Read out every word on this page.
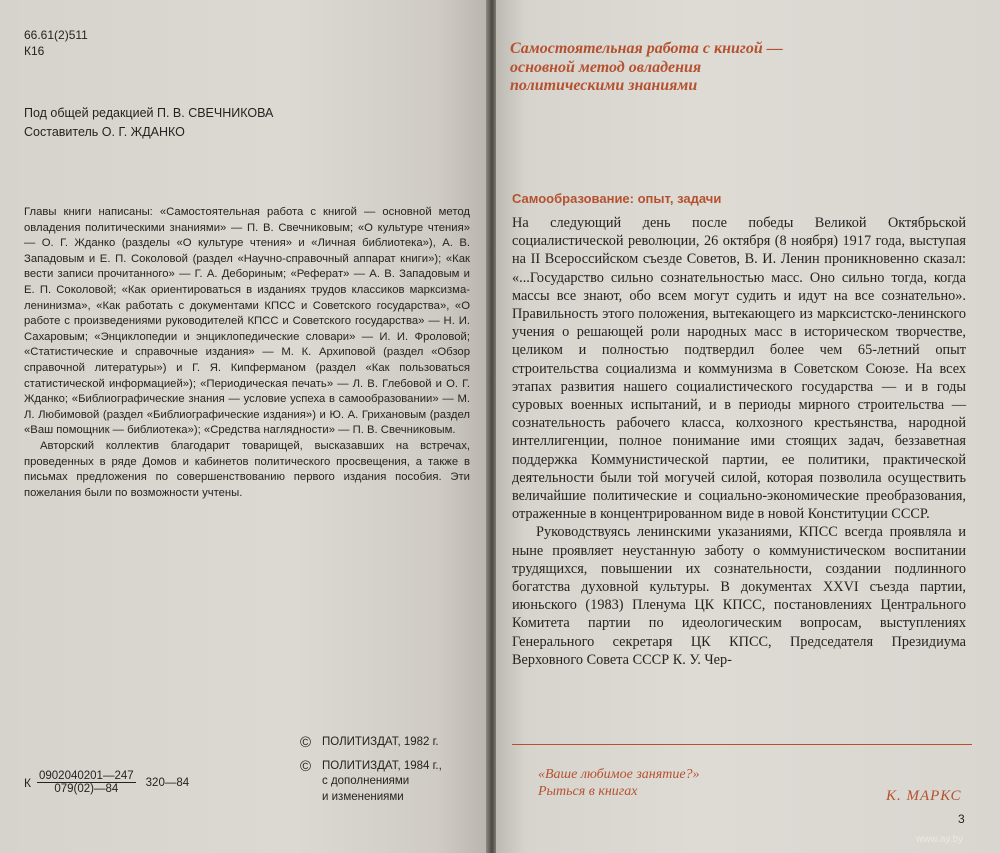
66.61(2)511
К16
Под общей редакцией П. В. СВЕЧНИКОВА
Составитель О. Г. ЖДАНКО

Главы книги написаны: «Самостоятельная работа с книгой — основной метод овладения политическими знаниями» — П. В. Свечниковым; «О культуре чтения» — О. Г. Жданко (разделы «О культуре чтения» и «Личная библиотека»), А. В. Западовым и Е. П. Соколовой (раздел «Научно-справочный аппарат книги»); «Как вести записи прочитанного» — Г. А. Дебориным; «Реферат» — А. В. Западовым и Е. П. Соколовой; «Как ориентироваться в изданиях трудов классиков марксизма-ленинизма», «Как работать с документами КПСС и Советского государства», «О работе с произведениями руководителей КПСС и Советского государства» — Н. И. Сахаровым; «Энциклопедии и энциклопедические словари» — И. И. Фроловой; «Статистические и справочные издания» — М. К. Архиповой (раздел «Обзор справочной литературы») и Г. Я. Кипферманом (раздел «Как пользоваться статистической информацией»); «Периодическая печать» — Л. В. Глебовой и О. Г. Жданко; «Библиографические знания — условие успеха в самообразовании» — М. Л. Любимовой (раздел «Библиографические издания») и Ю. А. Грихановым (раздел «Ваш помощник — библиотека»); «Средства наглядности» — П. В. Свечниковым.

Авторский коллектив благодарит товарищей, высказавших на встречах, проведенных в ряде Домов и кабинетов политического просвещения, а также в письмах предложения по совершенствованию первого издания пособия. Эти пожелания были по возможности учтены.

© ПОЛИТИЗДАТ, 1982 г.
© ПОЛИТИЗДАТ, 1984 г.,
с дополнениями
и изменениями
К $\frac{0902040201—247}{079(02)—84}$ 320—84
Самостоятельная работа с книгой —
основной метод овладения
политическими знаниями
Самообразование: опыт, задачи

На следующий день после победы Великой Октябрьской социалистической революции, 26 октября (8 ноября) 1917 года, выступая на II Всероссийском съезде Советов, В. И. Ленин проникновенно сказал: «...Государство сильно сознательностью масс. Оно сильно тогда, когда массы все знают, обо всем могут судить и идут на все сознательно». Правильность этого положения, вытекающего из марксистско-ленинского учения о решающей роли народных масс в историческом творчестве, целиком и полностью подтвердил более чем 65-летний опыт строительства социализма и коммунизма в Советском Союзе. На всех этапах развития нашего социалистического государства — и в годы суровых военных испытаний, и в периоды мирного строительства — сознательность рабочего класса, колхозного крестьянства, народной интеллигенции, полное понимание ими стоящих задач, беззаветная поддержка Коммунистической партии, ее политики, практической деятельности были той могучей силой, которая позволила осуществить величайшие политические и социально-экономические преобразования, отраженные в концентрированном виде в новой Конституции СССР.

Руководствуясь ленинскими указаниями, КПСС всегда проявляла и ныне проявляет неустанную заботу о коммунистическом воспитании трудящихся, повышении их сознательности, создании подлинного богатства духовной культуры. В документах XXVI съезда партии, июньского (1983) Пленума ЦК КПСС, постановлениях Центрального Комитета партии по идеологическим вопросам, выступлениях Генерального секретаря ЦК КПСС, Председателя Президиума Верховного Совета СССР К. У. Чер-

«Ваше любимое занятие?»
Рыться в книгах	К. МАРКС
3
www.ay.by
